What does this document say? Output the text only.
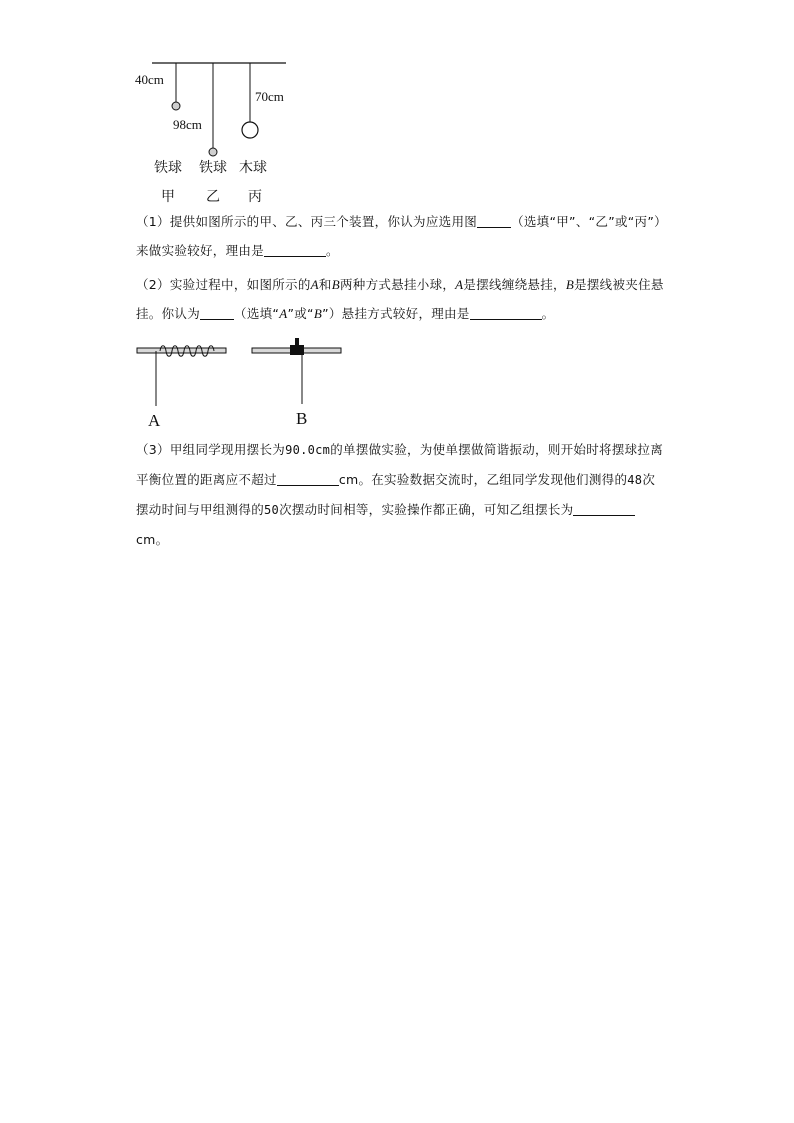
40cm
98cm
70cm
铁球 铁球 木球
甲 乙 丙
（1）提供如图所示的甲、乙、丙三个装置，你认为应选用图	（选填“甲”、“乙”或“丙”）来做实验较好，理由是	。
（2）实验过程中，如图所示的A和B两种方式悬挂小球，A是摆线缠绕悬挂，B是摆线被夹住悬挂。你认为	（选填“A”或“B”）悬挂方式较好，理由是	。
A	B
（3）甲组同学现用摆长为90.0cm的单摆做实验，为使单摆做简谐振动，则开始时将摆球拉离平衡位置的距离应不超过	cm。在实验数据交流时，乙组同学发现他们测得的48次摆动时间与甲组测得的50次摆动时间相等，实验操作都正确，可知乙组摆长为cm。
